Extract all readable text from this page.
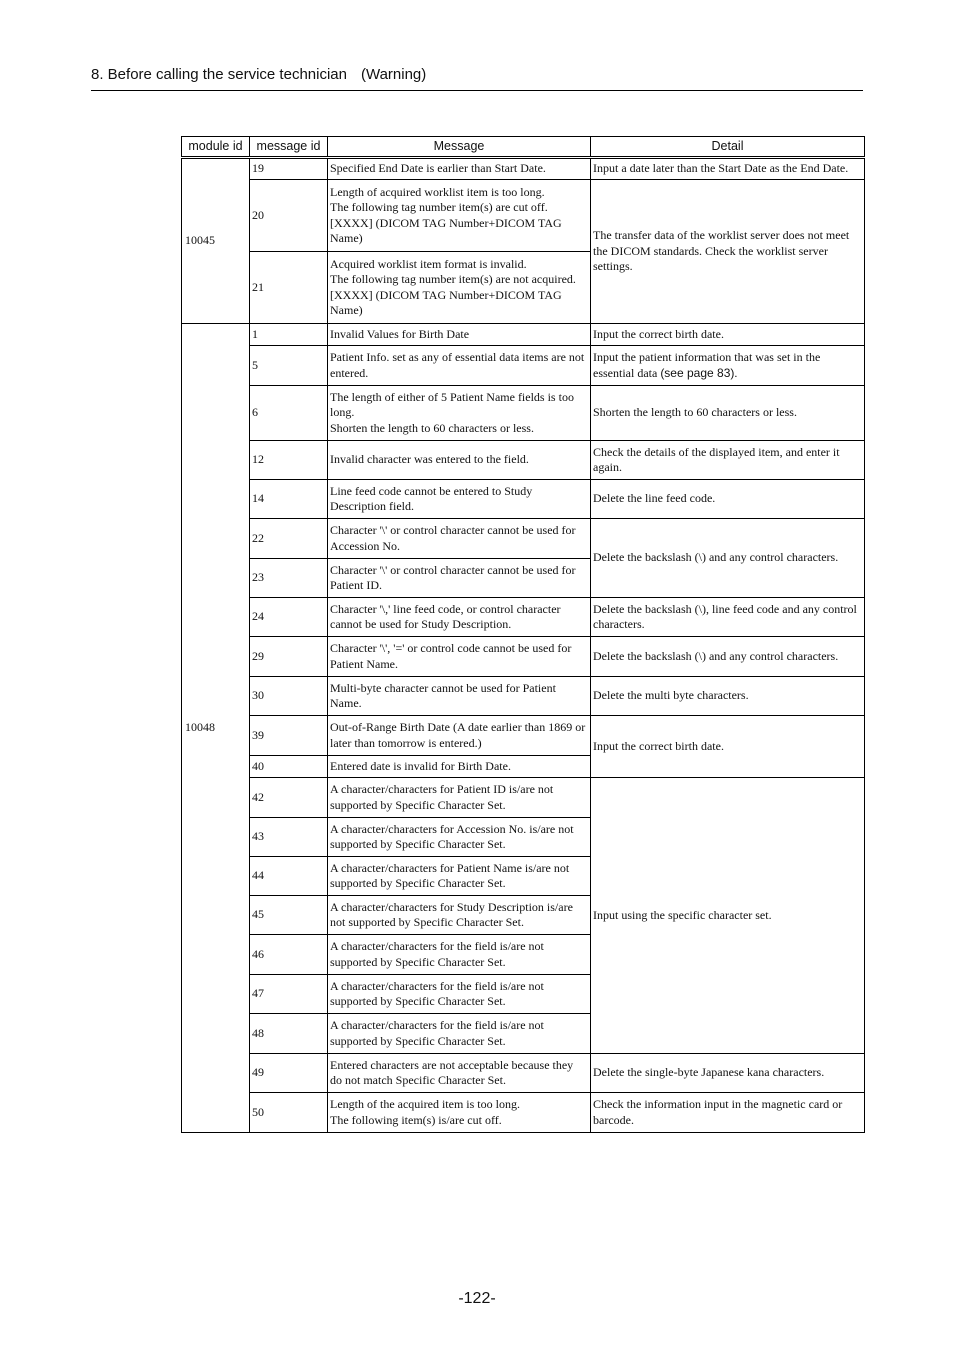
8. Before calling the service technician (Warning)
module id	message id	Message	Detail
10045	19	Specified End Date is earlier than Start Date.	Input a date later than the Start Date as the End Date.
	20	Length of acquired worklist item is too long.
The following tag number item(s) are cut off.
[XXXX] (DICOM TAG Number+DICOM TAG Name)	The transfer data of the worklist server does not meet the DICOM standards. Check the worklist server settings.
	21	Acquired worklist item format is invalid.
The following tag number item(s) are not acquired.
[XXXX] (DICOM TAG Number+DICOM TAG Name)	

10048	1	Invalid Values for Birth Date	Input the correct birth date.
	5	Patient Info. set as any of essential data items are not entered.	Input the patient information that was set in the essential data (see page 83).
	6	The length of either of 5 Patient Name fields is too long.
Shorten the length to 60 characters or less.	Shorten the length to 60 characters or less.
	12	Invalid character was entered to the field.	Check the details of the displayed item, and enter it again.
	14	Line feed code cannot be entered to Study Description field.	Delete the line feed code.
	22	Character '\' or control character cannot be used for Accession No.	Delete the backslash (\) and any control characters.
	23	Character '\' or control character cannot be used for Patient ID.	

	24	Character '\,' line feed code, or control character cannot be used for Study Description.	Delete the backslash (\), line feed code and any control characters.
	29	Character '\', '=' or control code cannot be used for Patient Name.	Delete the backslash (\) and any control characters.
	30	Multi-byte character cannot be used for Patient Name.	Delete the multi byte characters.
	39	Out-of-Range Birth Date (A date earlier than 1869 or later than tomorrow is entered.)	Input the correct birth date.
	40	Entered date is invalid for Birth Date.	

	42	A character/characters for Patient ID is/are not supported by Specific Character Set.	Input using the specific character set.
	43	A character/characters for Accession No. is/are not supported by Specific Character Set.	

	44	A character/characters for Patient Name is/are not supported by Specific Character Set.	

	45	A character/characters for Study Description is/are not supported by Specific Character Set.	

	46	A character/characters for the field is/are not supported by Specific Character Set.	

	47	A character/characters for the field is/are not supported by Specific Character Set.	

	48	A character/characters for the field is/are not supported by Specific Character Set.	

	49	Entered characters are not acceptable because they do not match Specific Character Set.	Delete the single-byte Japanese kana characters.
	50	Length of the acquired item is too long.
The following item(s) is/are cut off.	Check the information input in the magnetic card or barcode.
-122-
